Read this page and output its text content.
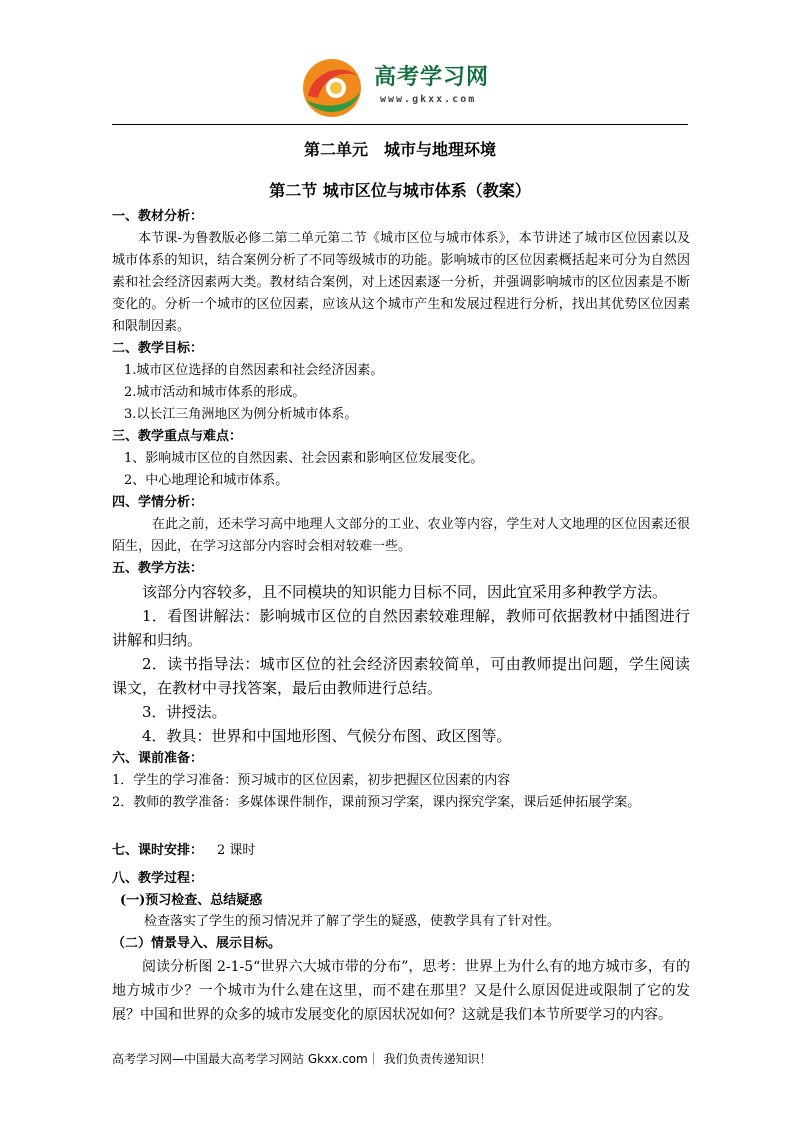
高考学习网
www.gkxx.com
第二单元　城市与地理环境
第二节 城市区位与城市体系（教案）
一、教材分析：
本节课-为鲁教版必修二第二单元第二节《城市区位与城市体系》，本节讲述了城市区位因素以及城市体系的知识，结合案例分析了不同等级城市的功能。影响城市的区位因素概括起来可分为自然因素和社会经济因素两大类。教材结合案例，对上述因素逐一分析，并强调影响城市的区位因素是不断变化的。分析一个城市的区位因素，应该从这个城市产生和发展过程进行分析，找出其优势区位因素和限制因素。
二、教学目标：
1.城市区位选择的自然因素和社会经济因素。
2.城市活动和城市体系的形成。
3.以长江三角洲地区为例分析城市体系。
三、教学重点与难点：
1、影响城市区位的自然因素、社会因素和影响区位发展变化。
2、中心地理论和城市体系。
四、学情分析：
在此之前，还未学习高中地理人文部分的工业、农业等内容，学生对人文地理的区位因素还很陌生，因此，在学习这部分内容时会相对较难一些。
五、教学方法：
该部分内容较多，且不同模块的知识能力目标不同，因此宜采用多种教学方法。
1．看图讲解法：影响城市区位的自然因素较难理解，教师可依据教材中插图进行讲解和归纳。
2．读书指导法：城市区位的社会经济因素较简单，可由教师提出问题，学生阅读课文，在教材中寻找答案，最后由教师进行总结。
3．讲授法。
4．教具：世界和中国地形图、气候分布图、政区图等。
六、课前准备：
1．学生的学习准备：预习城市的区位因素，初步把握区位因素的内容
2．教师的教学准备：多媒体课件制作，课前预习学案，课内探究学案，课后延伸拓展学案。
七、课时安排： 2 课时
八、教学过程：
(一)预习检查、总结疑惑
检查落实了学生的预习情况并了解了学生的疑惑，使教学具有了针对性。
（二）情景导入、展示目标。
阅读分析图 2-1-5“世界六大城市带的分布”，思考：世界上为什么有的地方城市多，有的地方城市少？一个城市为什么建在这里，而不建在那里？又是什么原因促进或限制了它的发展？中国和世界的众多的城市发展变化的原因状况如何？这就是我们本节所要学习的内容。
高考学习网—中国最大高考学习网站 Gkxx.com｜ 我们负责传递知识！
